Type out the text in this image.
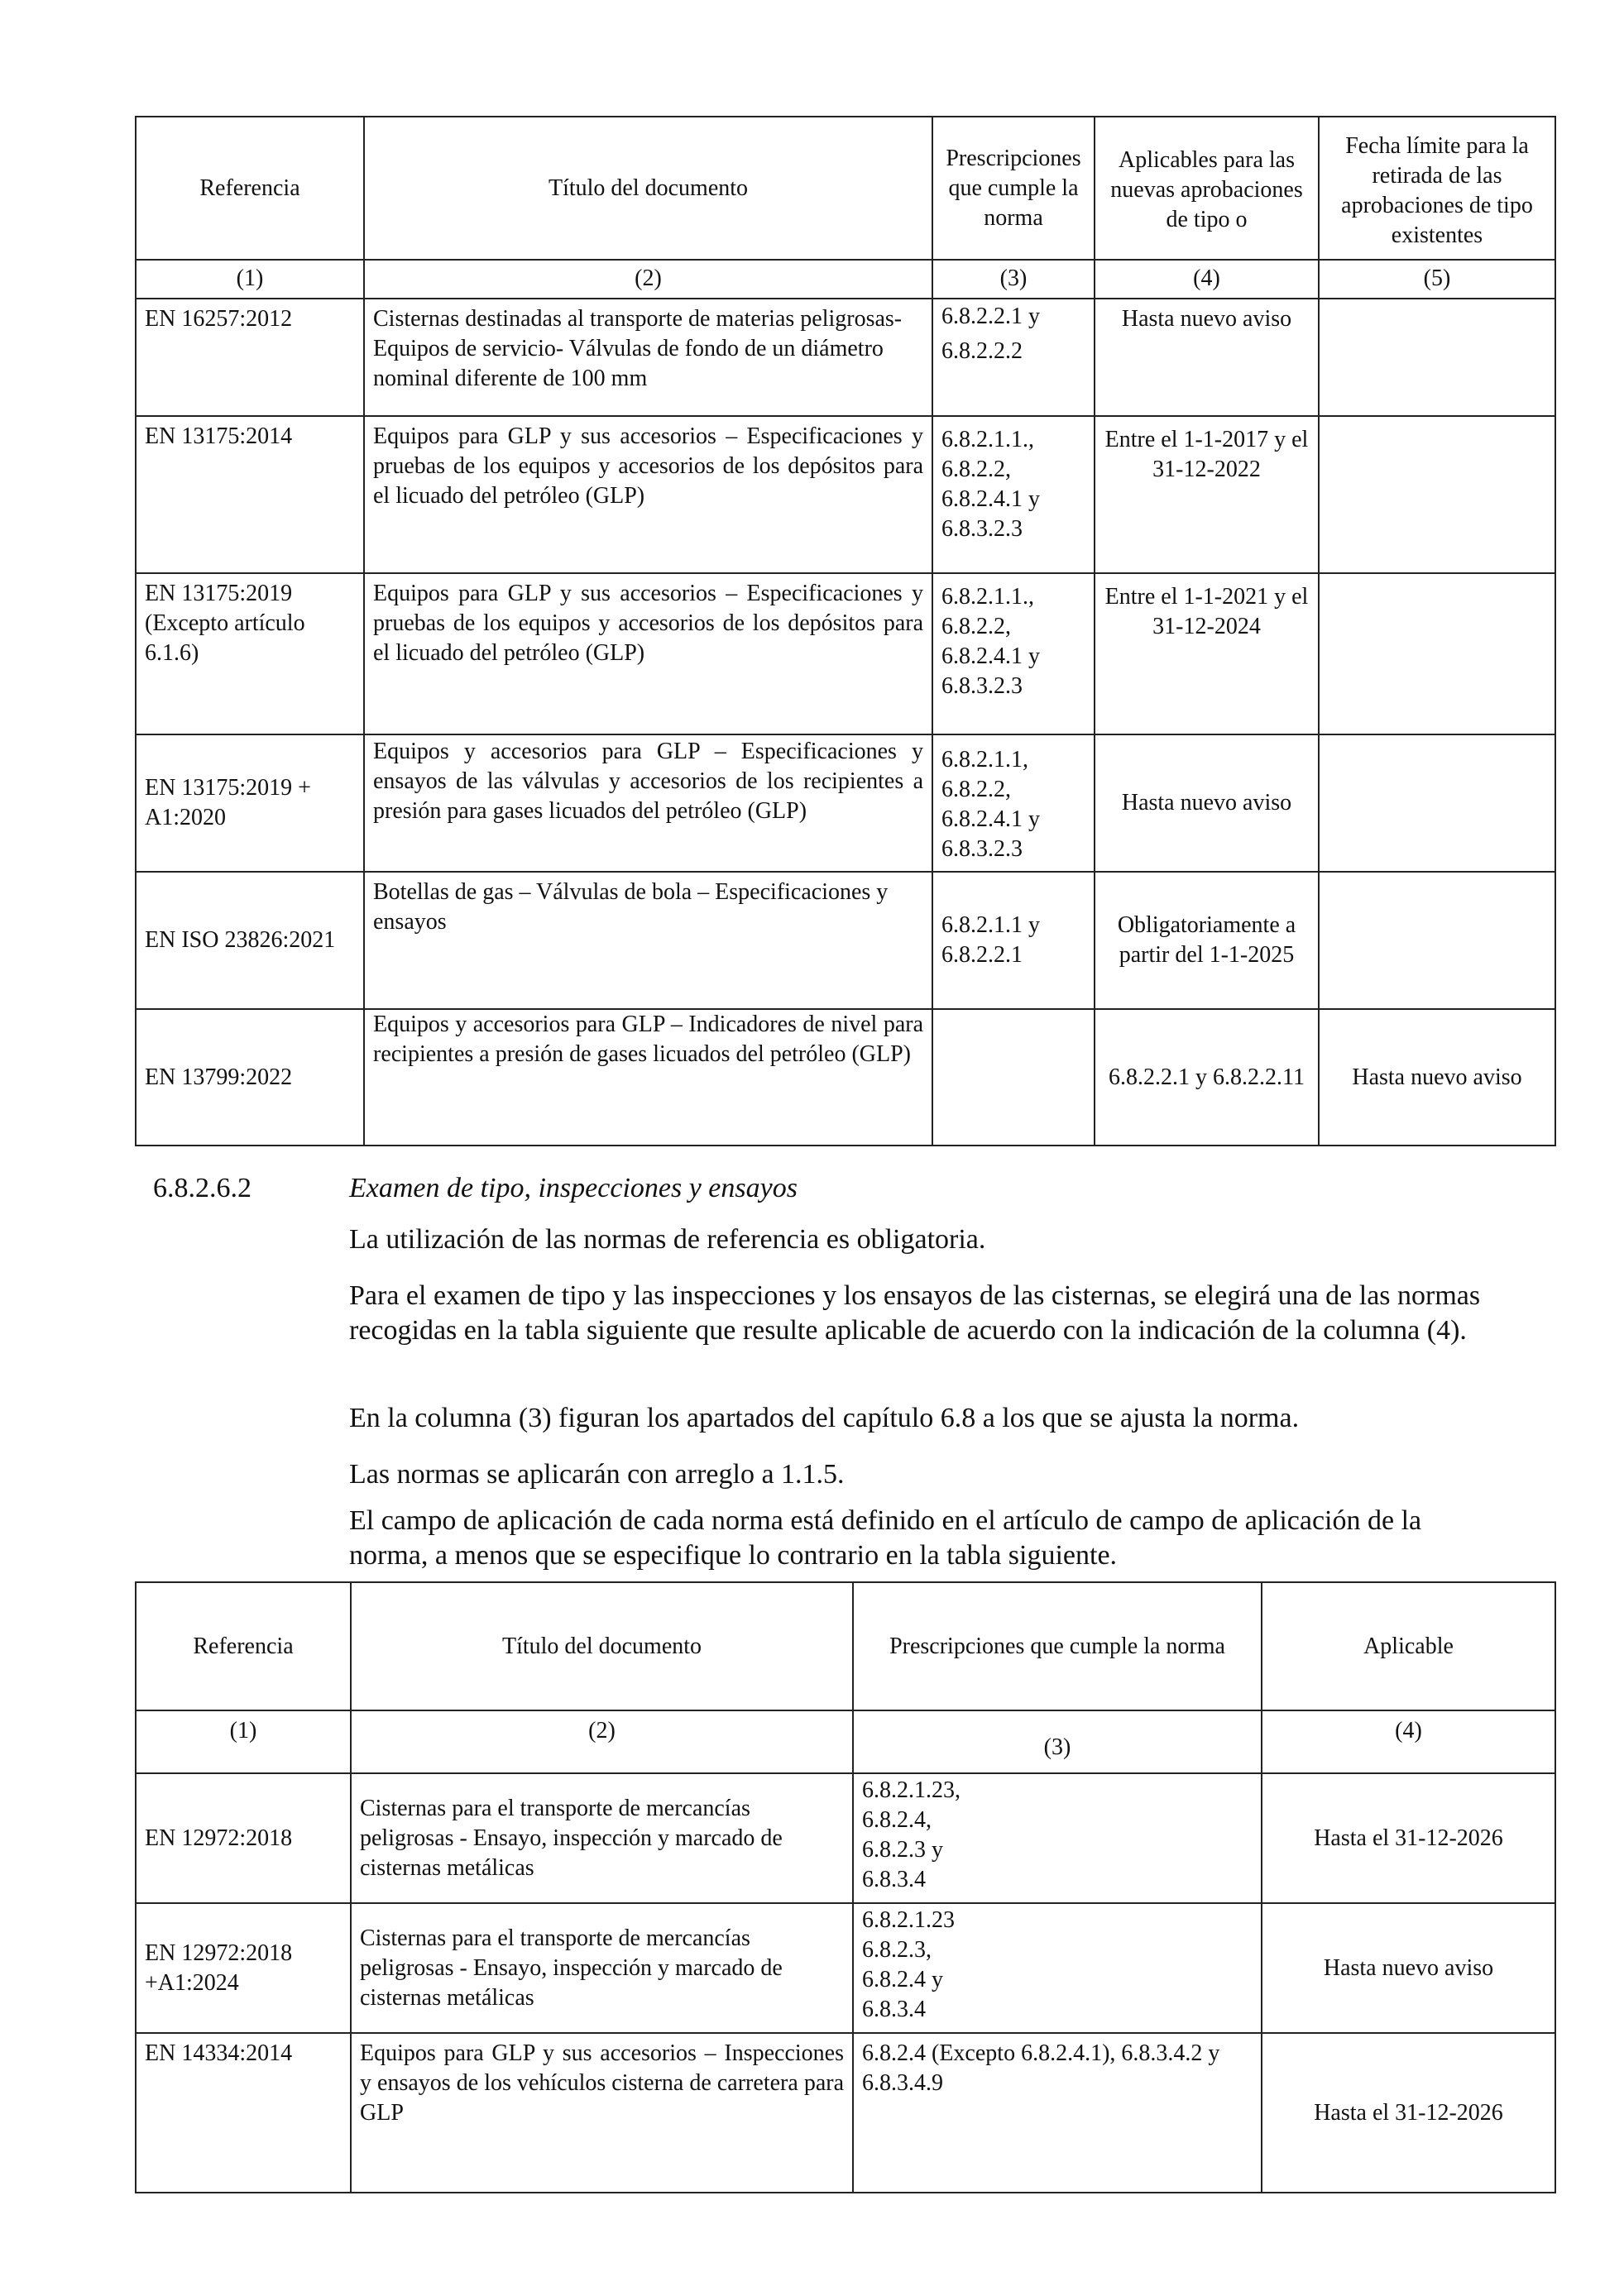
Referencia	Título del documento	Prescripciones que cumple la norma	Aplicables para las nuevas aprobaciones de tipo o	Fecha límite para la retirada de las aprobaciones de tipo existentes
(1)	(2)	(3)	(4)	(5)
EN 16257:2012	Cisternas destinadas al transporte de materias peligrosas- Equipos de servicio- Válvulas de fondo de un diámetro nominal diferente de 100 mm	6.8.2.2.1 y
6.8.2.2.2	Hasta nuevo aviso	
EN 13175:2014	Equipos para GLP y sus accesorios – Especificaciones y pruebas de los equipos y accesorios de los depósitos para el licuado del petróleo (GLP)	6.8.2.1.1.,
6.8.2.2,
6.8.2.4.1 y
6.8.3.2.3	Entre el 1-1-2017 y el 31-12-2022	
EN 13175:2019 (Excepto artículo 6.1.6)	Equipos para GLP y sus accesorios – Especificaciones y pruebas de los equipos y accesorios de los depósitos para el licuado del petróleo (GLP)	6.8.2.1.1.,
6.8.2.2,
6.8.2.4.1 y
6.8.3.2.3	Entre el 1-1-2021 y el 31-12-2024	
EN 13175:2019 + A1:2020	Equipos y accesorios para GLP – Especificaciones y ensayos de las válvulas y accesorios de los recipientes a presión para gases licuados del petróleo (GLP)	6.8.2.1.1,
6.8.2.2,
6.8.2.4.1 y
6.8.3.2.3	Hasta nuevo aviso	
EN ISO 23826:2021	Botellas de gas – Válvulas de bola – Especificaciones y ensayos	6.8.2.1.1 y
6.8.2.2.1	Obligatoriamente a partir del 1-1-2025	
EN 13799:2022	Equipos y accesorios para GLP – Indicadores de nivel para recipientes a presión de gases licuados del petróleo (GLP)		6.8.2.2.1 y 6.8.2.2.11	Hasta nuevo aviso
6.8.2.6.2	Examen de tipo, inspecciones y ensayos
La utilización de las normas de referencia es obligatoria.
Para el examen de tipo y las inspecciones y los ensayos de las cisternas, se elegirá una de las normas recogidas en la tabla siguiente que resulte aplicable de acuerdo con la indicación de la columna (4).
En la columna (3) figuran los apartados del capítulo 6.8 a los que se ajusta la norma.
Las normas se aplicarán con arreglo a 1.1.5.
El campo de aplicación de cada norma está definido en el artículo de campo de aplicación de la norma, a menos que se especifique lo contrario en la tabla siguiente.
Referencia	Título del documento	Prescripciones que cumple la norma	Aplicable
(1)	(2)	(3)	(4)
EN 12972:2018	Cisternas para el transporte de mercancías peligrosas - Ensayo, inspección y marcado de cisternas metálicas	6.8.2.1.23,
6.8.2.4,
6.8.2.3 y
6.8.3.4	Hasta el 31-12-2026
EN 12972:2018 +A1:2024	Cisternas para el transporte de mercancías peligrosas - Ensayo, inspección y marcado de cisternas metálicas	6.8.2.1.23
6.8.2.3,
6.8.2.4 y
6.8.3.4	Hasta nuevo aviso
EN 14334:2014	Equipos para GLP y sus accesorios – Inspecciones y ensayos de los vehículos cisterna de carretera para GLP	6.8.2.4 (Excepto 6.8.2.4.1), 6.8.3.4.2 y 6.8.3.4.9	Hasta el 31-12-2026
